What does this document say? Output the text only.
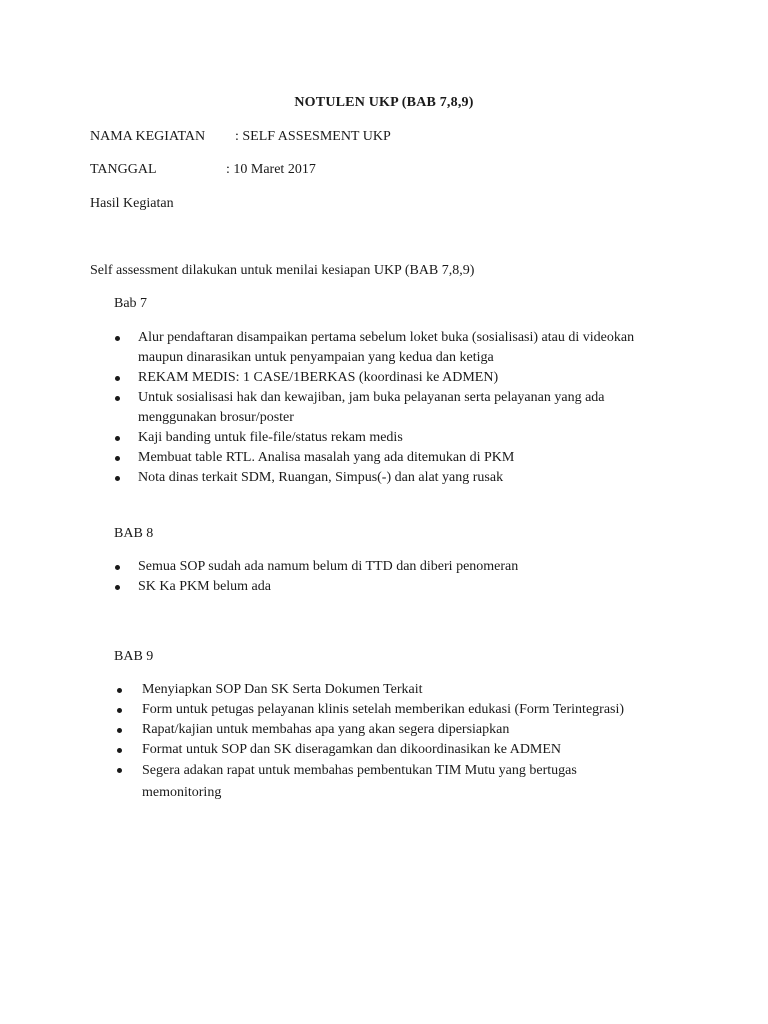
NOTULEN UKP (BAB 7,8,9)
NAMA KEGIATAN : SELF ASSESMENT UKP
TANGGAL	: 10 Maret 2017
Hasil Kegiatan
Self assessment dilakukan untuk menilai kesiapan UKP (BAB 7,8,9)
Bab 7
Alur pendaftaran disampaikan pertama sebelum loket buka (sosialisasi) atau di videokan maupun dinarasikan untuk penyampaian yang kedua dan ketiga
REKAM MEDIS: 1 CASE/1BERKAS (koordinasi ke ADMEN)
Untuk sosialisasi hak dan kewajiban, jam buka pelayanan serta pelayanan yang ada menggunakan brosur/poster
Kaji banding untuk file-file/status rekam medis
Membuat table RTL. Analisa masalah yang ada ditemukan di PKM
Nota dinas terkait SDM, Ruangan, Simpus(-) dan alat yang rusak
BAB 8
Semua SOP sudah ada namum belum di TTD dan diberi penomeran
SK Ka PKM belum ada
BAB 9
Menyiapkan SOP Dan SK Serta Dokumen Terkait
Form untuk petugas pelayanan klinis setelah memberikan edukasi (Form Terintegrasi)
Rapat/kajian untuk membahas apa yang akan segera dipersiapkan
Format untuk SOP dan SK diseragamkan dan dikoordinasikan ke ADMEN
Segera adakan rapat untuk membahas pembentukan TIM Mutu yang bertugas memonitoring
